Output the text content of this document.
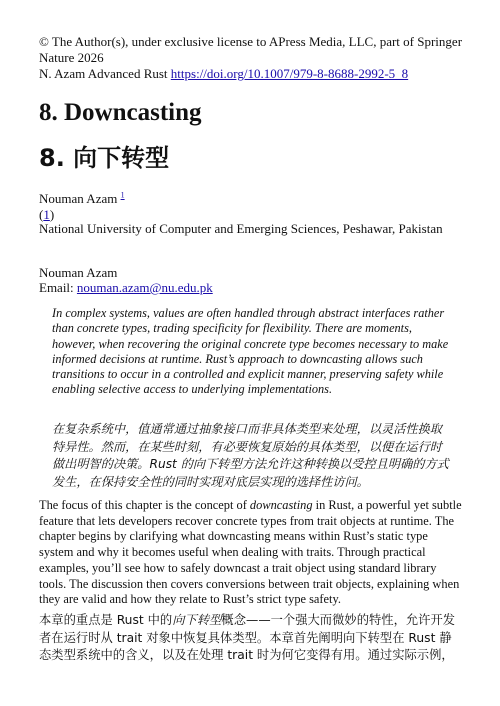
© The Author(s), under exclusive license to APress Media, LLC, part of Springer Nature 2026
N. Azam Advanced Rust https://doi.org/10.1007/979-8-8688-2992-5_8
8. Downcasting
8. 向下转型
Nouman Azam $^1$
(1)
National University of Computer and Emerging Sciences, Peshawar, Pakistan
Nouman Azam
Email: nouman.azam@nu.edu.pk
In complex systems, values are often handled through abstract interfaces rather than concrete types, trading specificity for flexibility. There are moments, however, when recovering the original concrete type becomes necessary to make informed decisions at runtime. Rust’s approach to downcasting allows such transitions to occur in a controlled and explicit manner, preserving safety while enabling selective access to underlying implementations.
在复杂系统中，值通常通过抽象接口而非具体类型来处理，以灵活性换取特异性。然而，在某些时刻，有必要恢复原始的具体类型，以便在运行时做出明智的决策。Rust 的向下转型方法允许这种转换以受控且明确的方式发生，在保持安全性的同时实现对底层实现的选择性访问。

The focus of this chapter is the concept of downcasting in Rust, a powerful yet subtle feature that lets developers recover concrete types from trait objects at runtime. The chapter begins by clarifying what downcasting means within Rust’s static type system and why it becomes useful when dealing with traits. Through practical examples, you’ll see how to safely downcast a trait object using standard library tools. The discussion then covers conversions between trait objects, explaining when they are valid and how they relate to Rust’s strict type safety.

本章的重点是 Rust 中的向下转型概念——一个强大而微妙的特性，允许开发者在运行时从 trait 对象中恢复具体类型。本章首先阐明向下转型在 Rust 静态类型系统中的含义，以及在处理 trait 时为何它变得有用。通过实际示例，
